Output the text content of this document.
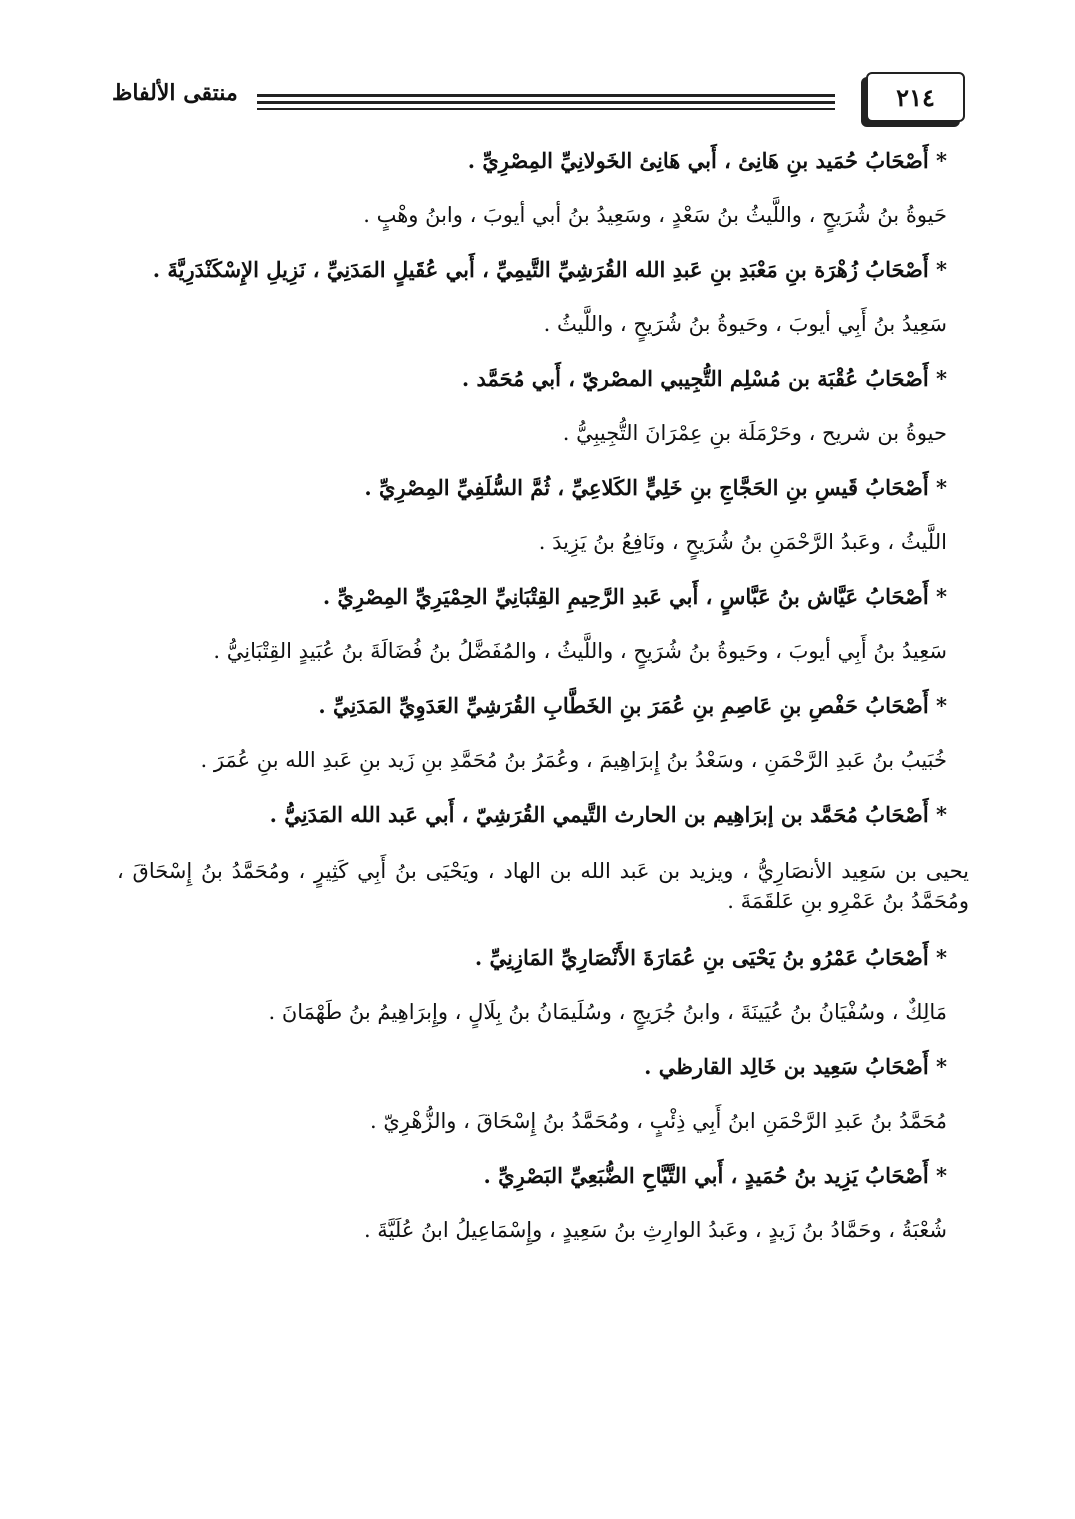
٢١٤
منتقى الألفاظ

* أَصْحَابُ حُمَيد بنِ هَانِئ ، أَبي هَانِئ الخَولانِيِّ المِصْرِيِّ .

حَيوةُ بنُ شُرَيحٍ ، واللَّيثُ بنُ سَعْدٍ ، وسَعِيدُ بنُ أبي أيوبَ ، وابنُ وهْبٍ .

* أَصْحَابُ زُهْرَة بنِ مَعْبَدِ بنِ عَبدِ الله القُرَشِيِّ التَّيمِيِّ ، أَبي عُقَيلٍ المَدَنِيِّ ، نَزِيلِ الإِسْكَنْدَرِيَّةَ .

سَعِيدُ بنُ أَبِي أيوبَ ، وحَيوةُ بنُ شُرَيحٍ ، واللَّيثُ .

* أَصْحَابُ عُقْبَة بن مُسْلِم التُّجِيبي المصْريّ ، أَبي مُحَمَّد .

حيوةُ بن شريح ، وحَرْمَلَة بنِ عِمْرَانَ التُّجِيبِيُّ .

* أَصْحَابُ قَيسِ بنِ الحَجَّاجِ بنِ خَلِيٍّ الكَلاعِيِّ ، ثُمَّ السُّلَفِيِّ المِصْرِيِّ .

اللَّيثُ ، وعَبدُ الرَّحْمَنِ بنُ شُرَيحٍ ، ونَافِعُ بنُ يَزِيدَ .

* أَصْحَابُ عَيَّاش بنُ عَبَّاسٍ ، أَبي عَبدِ الرَّحِيمِ القِتْبَانِيِّ الحِمْيَرِيِّ المِصْرِيِّ .

سَعِيدُ بنُ أَبِي أيوبَ ، وحَيوةُ بنُ شُرَيحٍ ، واللَّيثُ ، والمُفَضَّلُ بنُ فُضَالَةَ بنُ عُبَيدٍ القِتْبَانِيُّ .

* أَصْحَابُ حَفْصِ بنِ عَاصِمِ بنِ عُمَرَ بنِ الخَطَّابِ القُرَشِيِّ العَدَوِيِّ المَدَنِيِّ .

خُبَيبُ بنُ عَبدِ الرَّحْمَنِ ، وسَعْدُ بنُ إِبرَاهِيمَ ، وعُمَرُ بنُ مُحَمَّدِ بنِ زَيد بنِ عَبدِ الله بنِ عُمَرَ .

* أَصْحَابُ مُحَمَّد بن إبرَاهِيم بن الحارث التَّيمي القُرَشِيّ ، أَبي عَبد الله المَدَنِيُّ .

يحيى بن سَعِيد الأنصَارِيُّ ، ويزيد بن عَبد الله بن الهاد ، ويَحْيَى بنُ أَبِي كَثِيرٍ ، ومُحَمَّدُ بنُ إِسْحَاقَ ، ومُحَمَّدُ بنُ عَمْرِو بنِ عَلقَمَةَ .

* أَصْحَابُ عَمْرُو بنُ يَحْيَى بنِ عُمَارَةَ الأَنْصَارِيِّ المَازِنِيِّ .

مَالِكٌ ، وسُفْيَانُ بنُ عُيَينَةَ ، وابنُ جُرَيجٍ ، وسُلَيمَانُ بنُ بِلَالٍ ، وإِبرَاهِيمُ بنُ طَهْمَانَ .

* أَصْحَابُ سَعِيد بن خَالِد القارظي .

مُحَمَّدُ بنُ عَبدِ الرَّحْمَنِ ابنُ أَبِي ذِئْبٍ ، ومُحَمَّدُ بنُ إِسْحَاقَ ، والزُّهْرِيّ .

* أَصْحَابُ يَزِيد بنُ حُمَيدٍ ، أَبي التَّيَّاحِ الضُّبَعِيِّ البَصْرِيِّ .

شُعْبَةُ ، وحَمَّادُ بنُ زَيدٍ ، وعَبدُ الوارِثِ بنُ سَعِيدٍ ، وإِسْمَاعِيلُ ابنُ عُلَيَّةَ .
